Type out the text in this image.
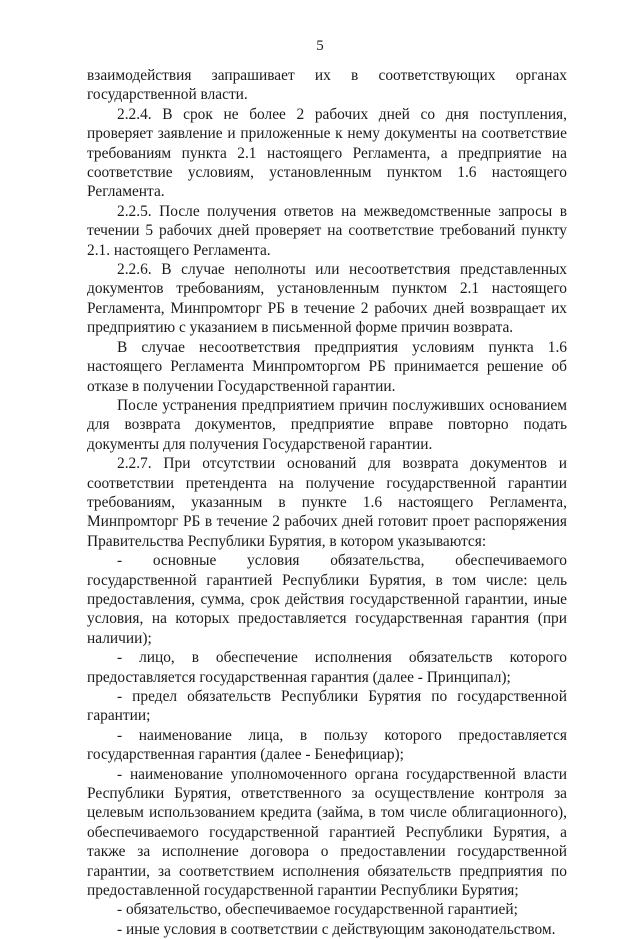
5

взаимодействия запрашивает их в соответствующих органах государственной власти.

2.2.4. В срок не более 2 рабочих дней со дня поступления, проверяет заявление и приложенные к нему документы на соответствие требованиям пункта 2.1 настоящего Регламента, а предприятие на соответствие условиям, установленным пунктом 1.6 настоящего Регламента.

2.2.5. После получения ответов на межведомственные запросы в течении 5 рабочих дней проверяет на соответствие требований пункту 2.1. настоящего Регламента.

2.2.6. В случае неполноты или несоответствия представленных документов требованиям, установленным пунктом 2.1 настоящего Регламента, Минпромторг РБ в течение 2 рабочих дней возвращает их предприятию с указанием в письменной форме причин возврата.

В случае несоответствия предприятия условиям пункта 1.6 настоящего Регламента Минпромторгом РБ принимается решение об отказе в получении Государственной гарантии.

После устранения предприятием причин послуживших основанием для возврата документов, предприятие вправе повторно подать документы для получения Государственой гарантии.

2.2.7. При отсутствии оснований для возврата документов и соответствии претендента на получение государственной гарантии требованиям, указанным в пункте 1.6 настоящего Регламента, Минпромторг РБ в течение 2 рабочих дней готовит проет распоряжения Правительства Республики Бурятия, в котором указываются:

- основные условия обязательства, обеспечиваемого государственной гарантией Республики Бурятия, в том числе: цель предоставления, сумма, срок действия государственной гарантии, иные условия, на которых предоставляется государственная гарантия (при наличии);

- лицо, в обеспечение исполнения обязательств которого предоставляется государственная гарантия (далее - Принципал);

- предел обязательств Республики Бурятия по государственной гарантии;

- наименование лица, в пользу которого предоставляется государственная гарантия (далее - Бенефициар);

- наименование уполномоченного органа государственной власти Республики Бурятия, ответственного за осуществление контроля за целевым использованием кредита (займа, в том числе облигационного), обеспечиваемого государственной гарантией Республики Бурятия, а также за исполнение договора о предоставлении государственной гарантии, за соответствием исполнения обязательств предприятия по предоставленной государственной гарантии Республики Бурятия;

- обязательство, обеспечиваемое государственной гарантией;

- иные условия в соответствии с действующим законодательством.
